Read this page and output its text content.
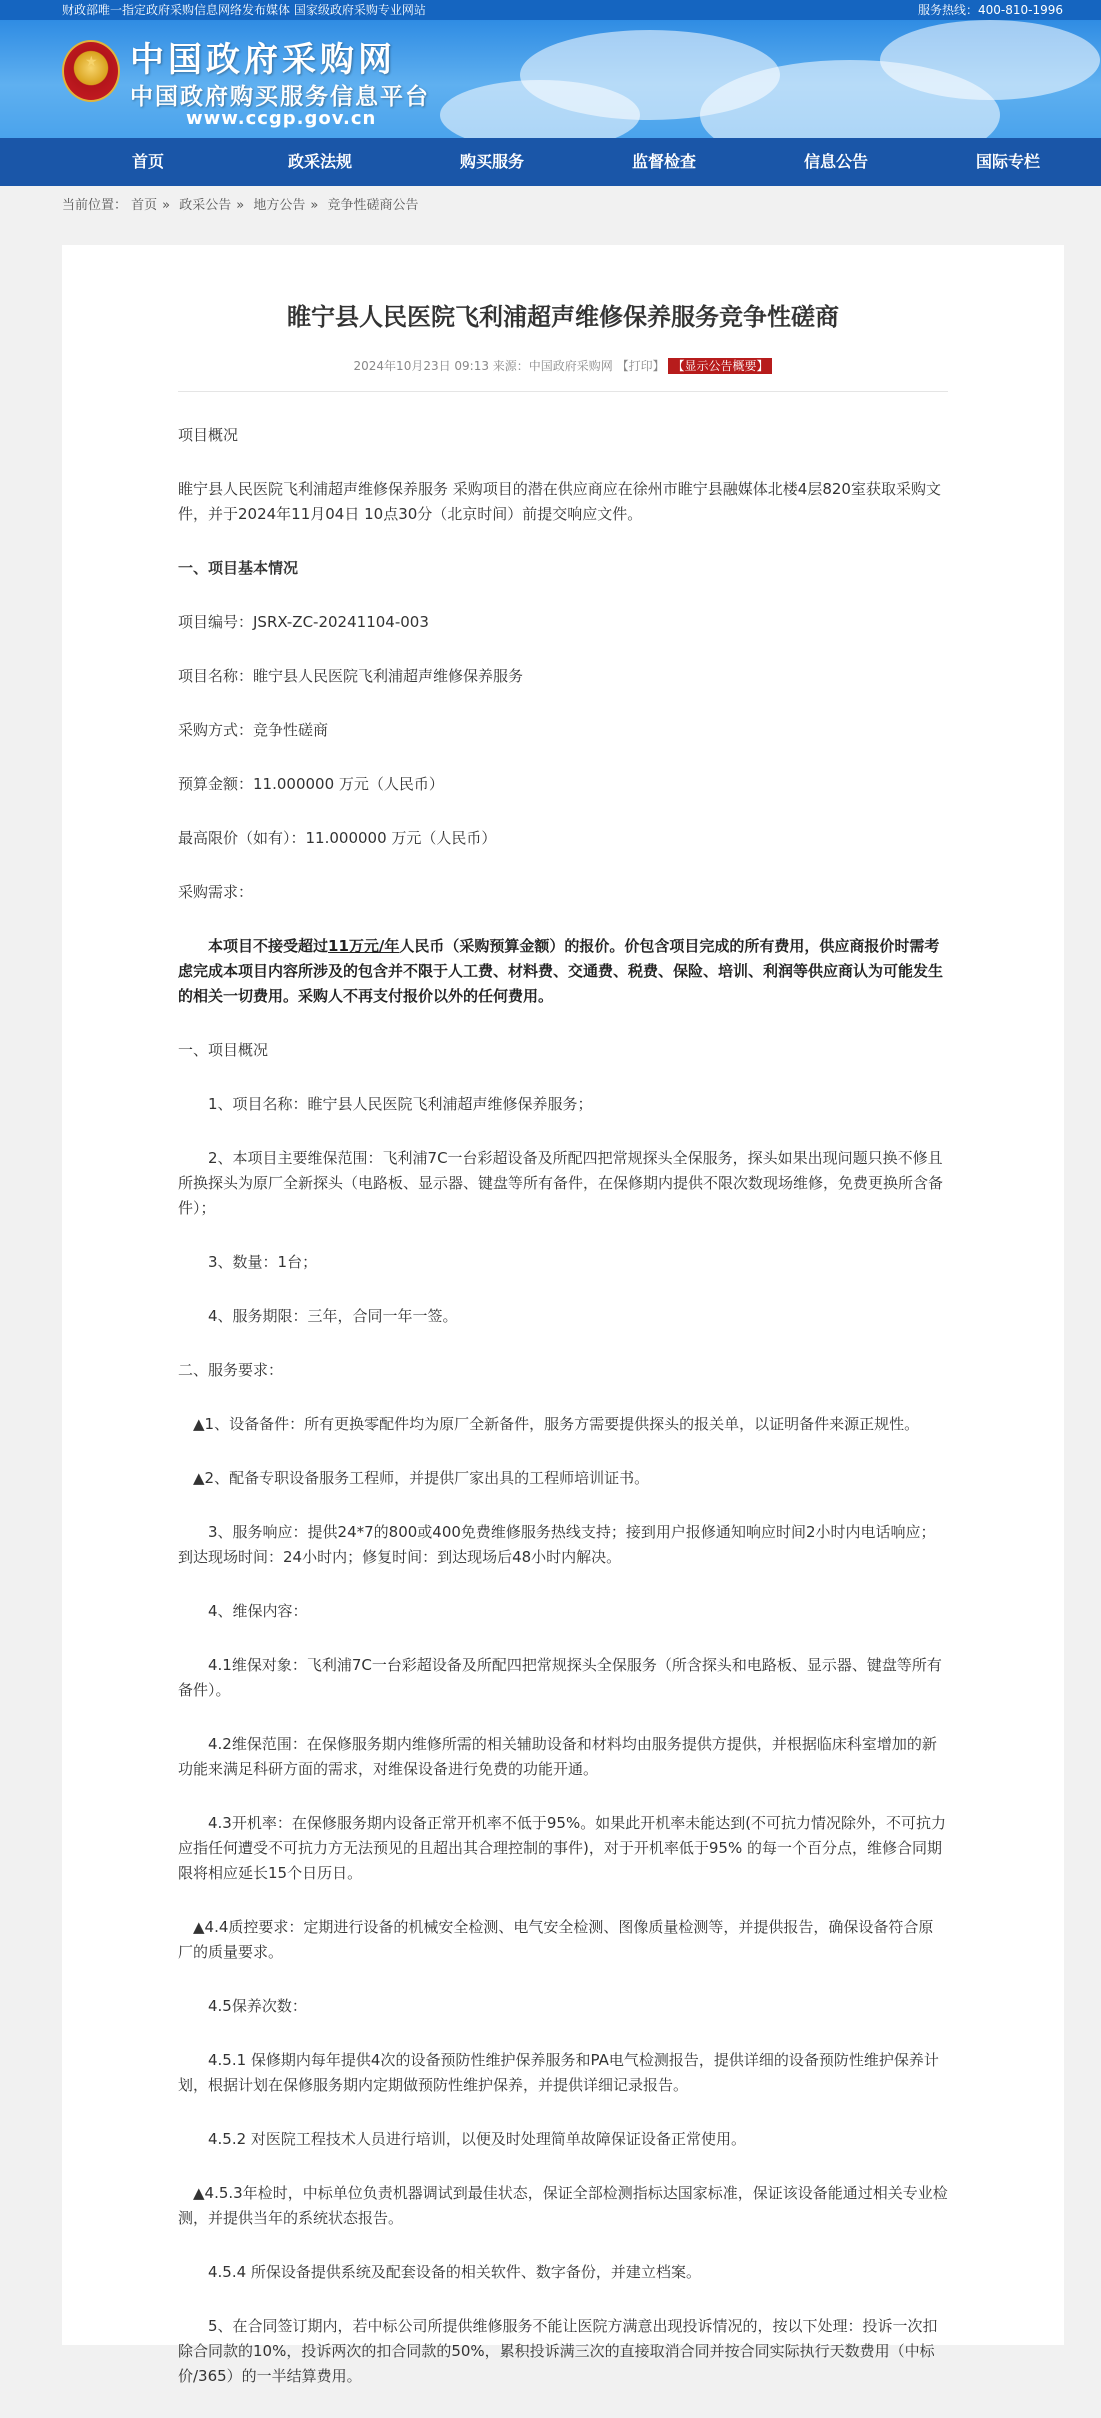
财政部唯一指定政府采购信息网络发布媒体 国家级政府采购专业网站	服务热线：400-810-1996
★ 中国政府采购网
中国政府购买服务信息平台
www.ccgp.gov.cn
首页	政采法规	购买服务	监督检查	信息公告	国际专栏
当前位置： 首页 » 政采公告 » 地方公告 » 竞争性磋商公告
睢宁县人民医院飞利浦超声维修保养服务竞争性磋商
2024年10月23日 09:13 来源：中国政府采购网 【打印】 【显示公告概要】

项目概况

睢宁县人民医院飞利浦超声维修保养服务 采购项目的潜在供应商应在徐州市睢宁县融媒体北楼4层820室获取采购文件，并于2024年11月04日 10点30分（北京时间）前提交响应文件。

一、项目基本情况

项目编号：JSRX-ZC-20241104-003

项目名称：睢宁县人民医院飞利浦超声维修保养服务

采购方式：竞争性磋商

预算金额：11.000000 万元（人民币）

最高限价（如有）：11.000000 万元（人民币）

采购需求：

本项目不接受超过11万元/年人民币（采购预算金额）的报价。价包含项目完成的所有费用，供应商报价时需考虑完成本项目内容所涉及的包含并不限于人工费、材料费、交通费、税费、保险、培训、利润等供应商认为可能发生的相关一切费用。采购人不再支付报价以外的任何费用。

一、项目概况

1、项目名称：睢宁县人民医院飞利浦超声维修保养服务；

2、本项目主要维保范围：飞利浦7C一台彩超设备及所配四把常规探头全保服务，探头如果出现问题只换不修且所换探头为原厂全新探头（电路板、显示器、键盘等所有备件，在保修期内提供不限次数现场维修，免费更换所含备件）；

3、数量：1台；

4、服务期限：三年，合同一年一签。

二、服务要求：

▲1、设备备件：所有更换零配件均为原厂全新备件，服务方需要提供探头的报关单，以证明备件来源正规性。

▲2、配备专职设备服务工程师，并提供厂家出具的工程师培训证书。

3、服务响应：提供24*7的800或400免费维修服务热线支持；接到用户报修通知响应时间2小时内电话响应；到达现场时间：24小时内；修复时间：到达现场后48小时内解决。

4、维保内容：

4.1维保对象：飞利浦7C一台彩超设备及所配四把常规探头全保服务（所含探头和电路板、显示器、键盘等所有备件）。

4.2维保范围：在保修服务期内维修所需的相关辅助设备和材料均由服务提供方提供，并根据临床科室增加的新功能来满足科研方面的需求，对维保设备进行免费的功能开通。

4.3开机率：在保修服务期内设备正常开机率不低于95%。如果此开机率未能达到(不可抗力情况除外，不可抗力应指任何遭受不可抗力方无法预见的且超出其合理控制的事件)，对于开机率低于95% 的每一个百分点，维修合同期限将相应延长15个日历日。

▲4.4质控要求：定期进行设备的机械安全检测、电气安全检测、图像质量检测等，并提供报告，确保设备符合原厂的质量要求。

4.5保养次数：

4.5.1 保修期内每年提供4次的设备预防性维护保养服务和PA电气检测报告，提供详细的设备预防性维护保养计划，根据计划在保修服务期内定期做预防性维护保养，并提供详细记录报告。

4.5.2 对医院工程技术人员进行培训，以便及时处理简单故障保证设备正常使用。

▲4.5.3年检时，中标单位负责机器调试到最佳状态，保证全部检测指标达国家标准，保证该设备能通过相关专业检测，并提供当年的系统状态报告。

4.5.4 所保设备提供系统及配套设备的相关软件、数字备份，并建立档案。

5、在合同签订期内，若中标公司所提供维修服务不能让医院方满意出现投诉情况的，按以下处理：投诉一次扣除合同款的10%，投诉两次的扣合同款的50%，累积投诉满三次的直接取消合同并按合同实际执行天数费用（中标价/365）的一半结算费用。
